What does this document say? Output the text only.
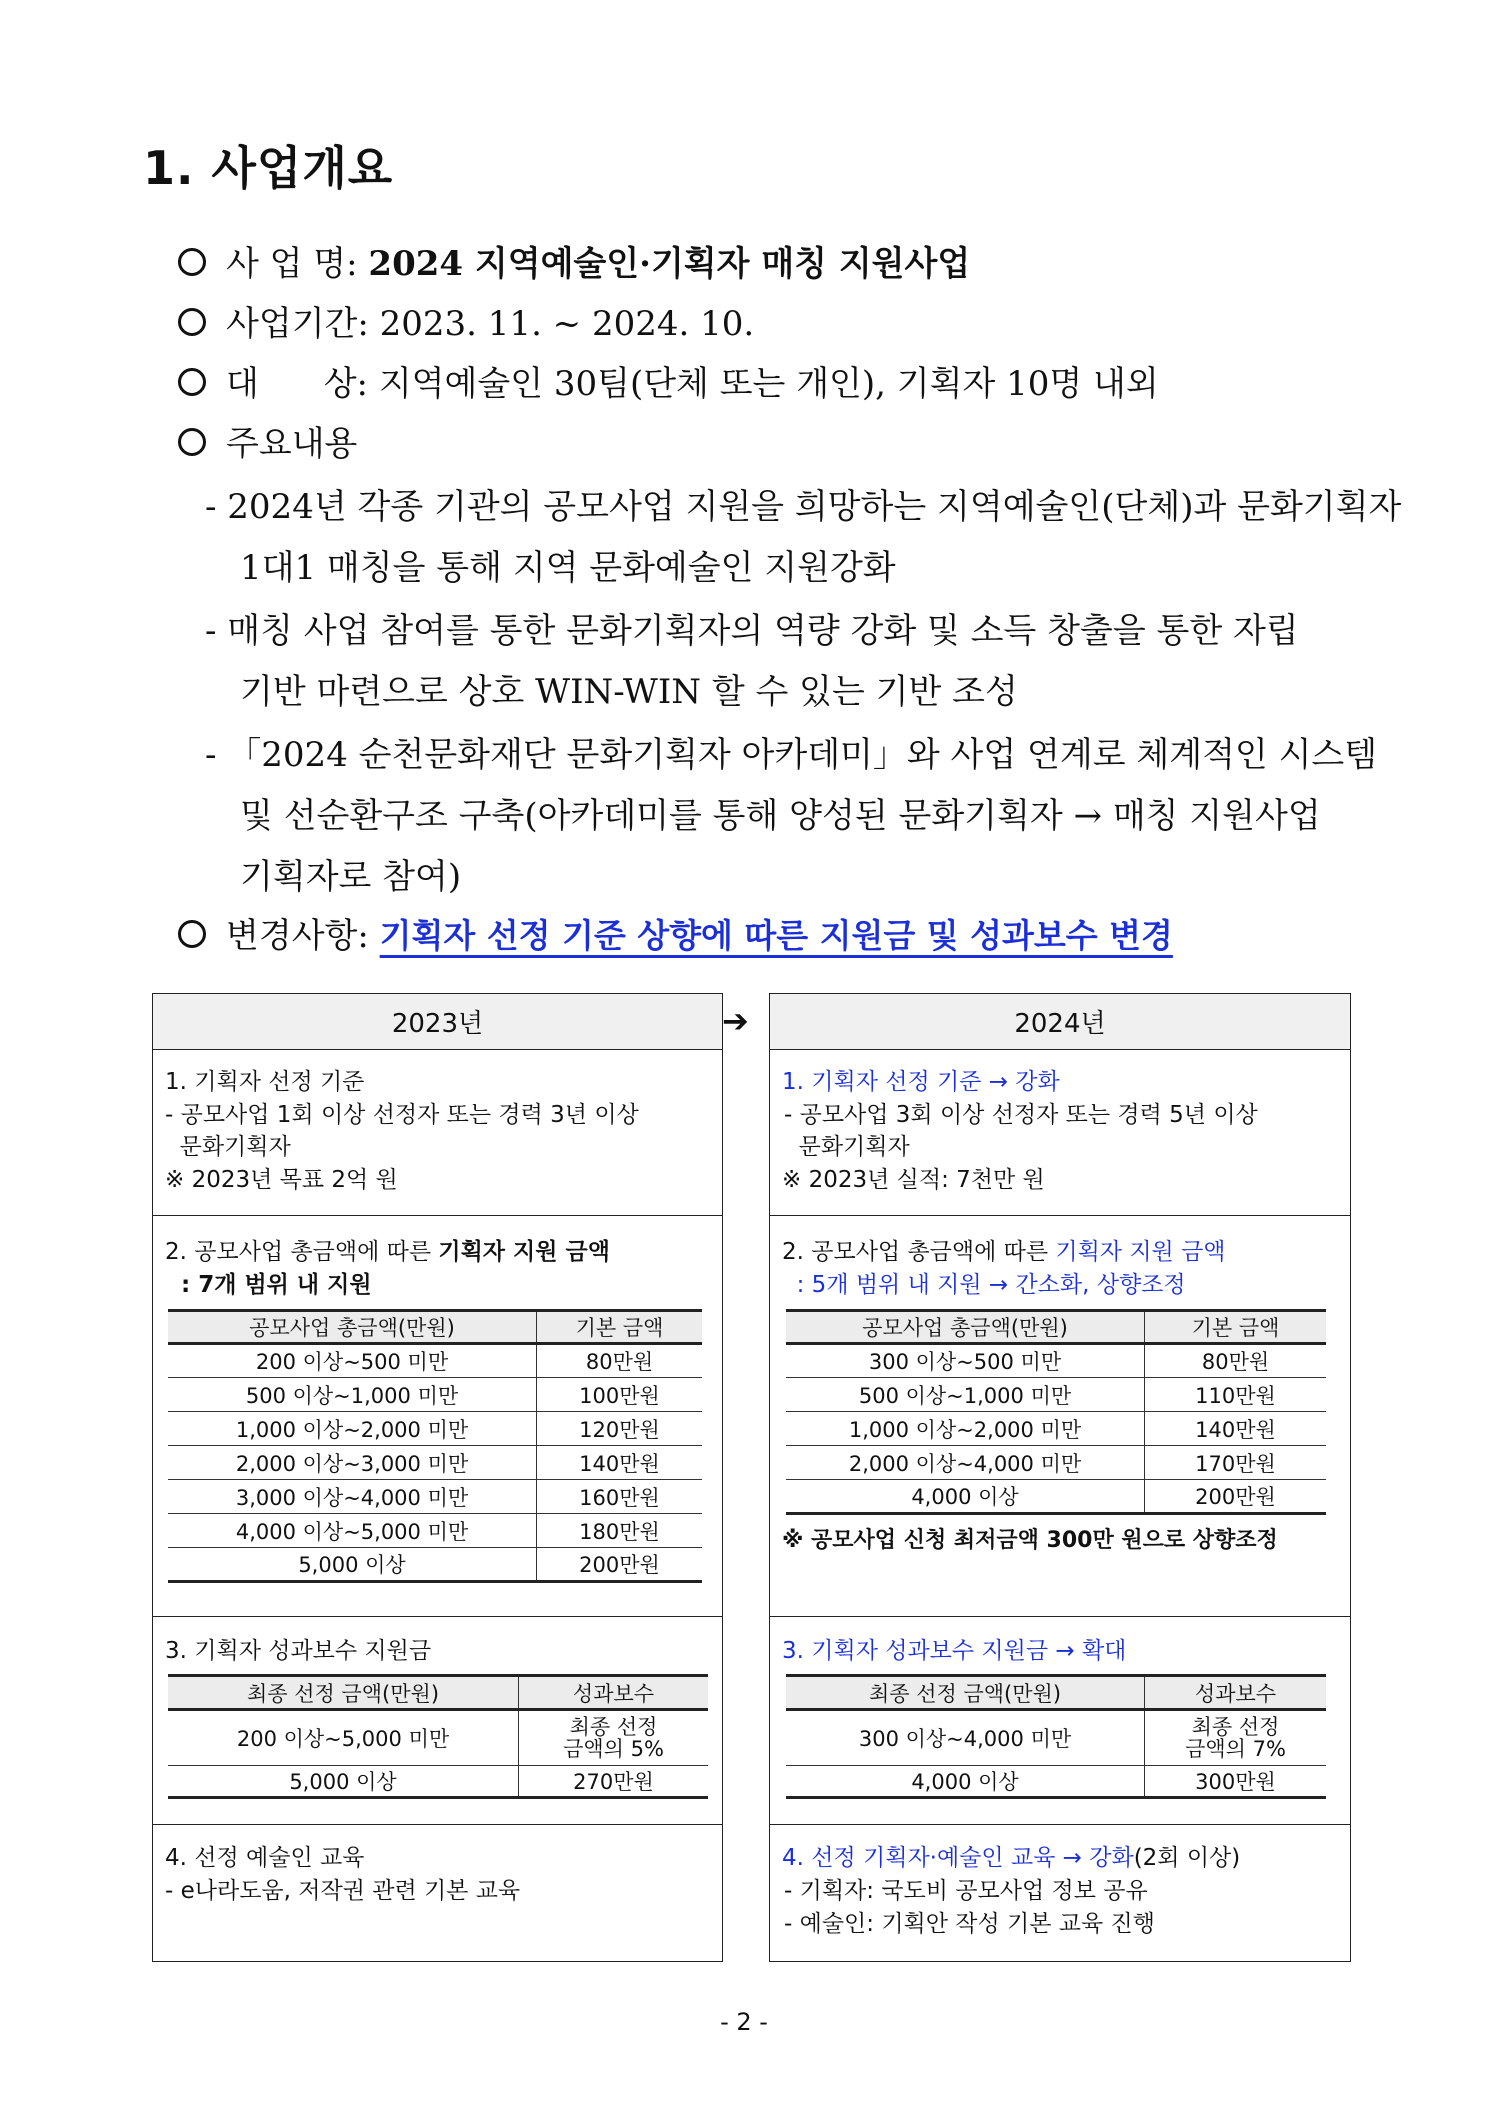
1. 사업개요
사 업 명: 2024 지역예술인·기획자 매칭 지원사업
사업기간: 2023. 11. ~ 2024. 10.
대      상: 지역예술인 30팀(단체 또는 개인), 기획자 10명 내외
주요내용
- 2024년 각종 기관의 공모사업 지원을 희망하는 지역예술인(단체)과 문화기획자
1대1 매칭을 통해 지역 문화예술인 지원강화
- 매칭 사업 참여를 통한 문화기획자의 역량 강화 및 소득 창출을 통한 자립
기반 마련으로 상호 WIN-WIN 할 수 있는 기반 조성
- 「2024 순천문화재단 문화기획자 아카데미」와 사업 연계로 체계적인 시스템
및 선순환구조 구축(아카데미를 통해 양성된 문화기획자 → 매칭 지원사업
기획자로 참여)
변경사항: 기획자 선정 기준 상향에 따른 지원금 및 성과보수 변경
2023년	➔
1. 기획자 선정 기준
- 공모사업 1회 이상 선정자 또는 경력 3년 이상
문화기획자
※ 2023년 목표 2억 원
2. 공모사업 총금액에 따른 기획자 지원 금액
: 7개 범위 내 지원
공모사업 총금액(만원)	기본 금액
200 이상~500 미만	80만원
500 이상~1,000 미만	100만원
1,000 이상~2,000 미만	120만원
2,000 이상~3,000 미만	140만원
3,000 이상~4,000 미만	160만원
4,000 이상~5,000 미만	180만원
5,000 이상	200만원
3. 기획자 성과보수 지원금
최종 선정 금액(만원)	성과보수
200 이상~5,000 미만	최종 선정
금액의 5%

5,000 이상	270만원
4. 선정 예술인 교육
- e나라도움, 저작권 관련 기본 교육
2024년
1. 기획자 선정 기준 → 강화
- 공모사업 3회 이상 선정자 또는 경력 5년 이상
문화기획자
※ 2023년 실적: 7천만 원
2. 공모사업 총금액에 따른 기획자 지원 금액
: 5개 범위 내 지원 → 간소화, 상향조정
공모사업 총금액(만원)	기본 금액
300 이상~500 미만	80만원
500 이상~1,000 미만	110만원
1,000 이상~2,000 미만	140만원
2,000 이상~4,000 미만	170만원
4,000 이상	200만원
※ 공모사업 신청 최저금액 300만 원으로 상향조정
3. 기획자 성과보수 지원금 → 확대
최종 선정 금액(만원)	성과보수
300 이상~4,000 미만	최종 선정
금액의 7%

4,000 이상	300만원
4. 선정 기획자·예술인 교육 → 강화(2회 이상)
- 기획자: 국도비 공모사업 정보 공유
- 예술인: 기획안 작성 기본 교육 진행
- 2 -
